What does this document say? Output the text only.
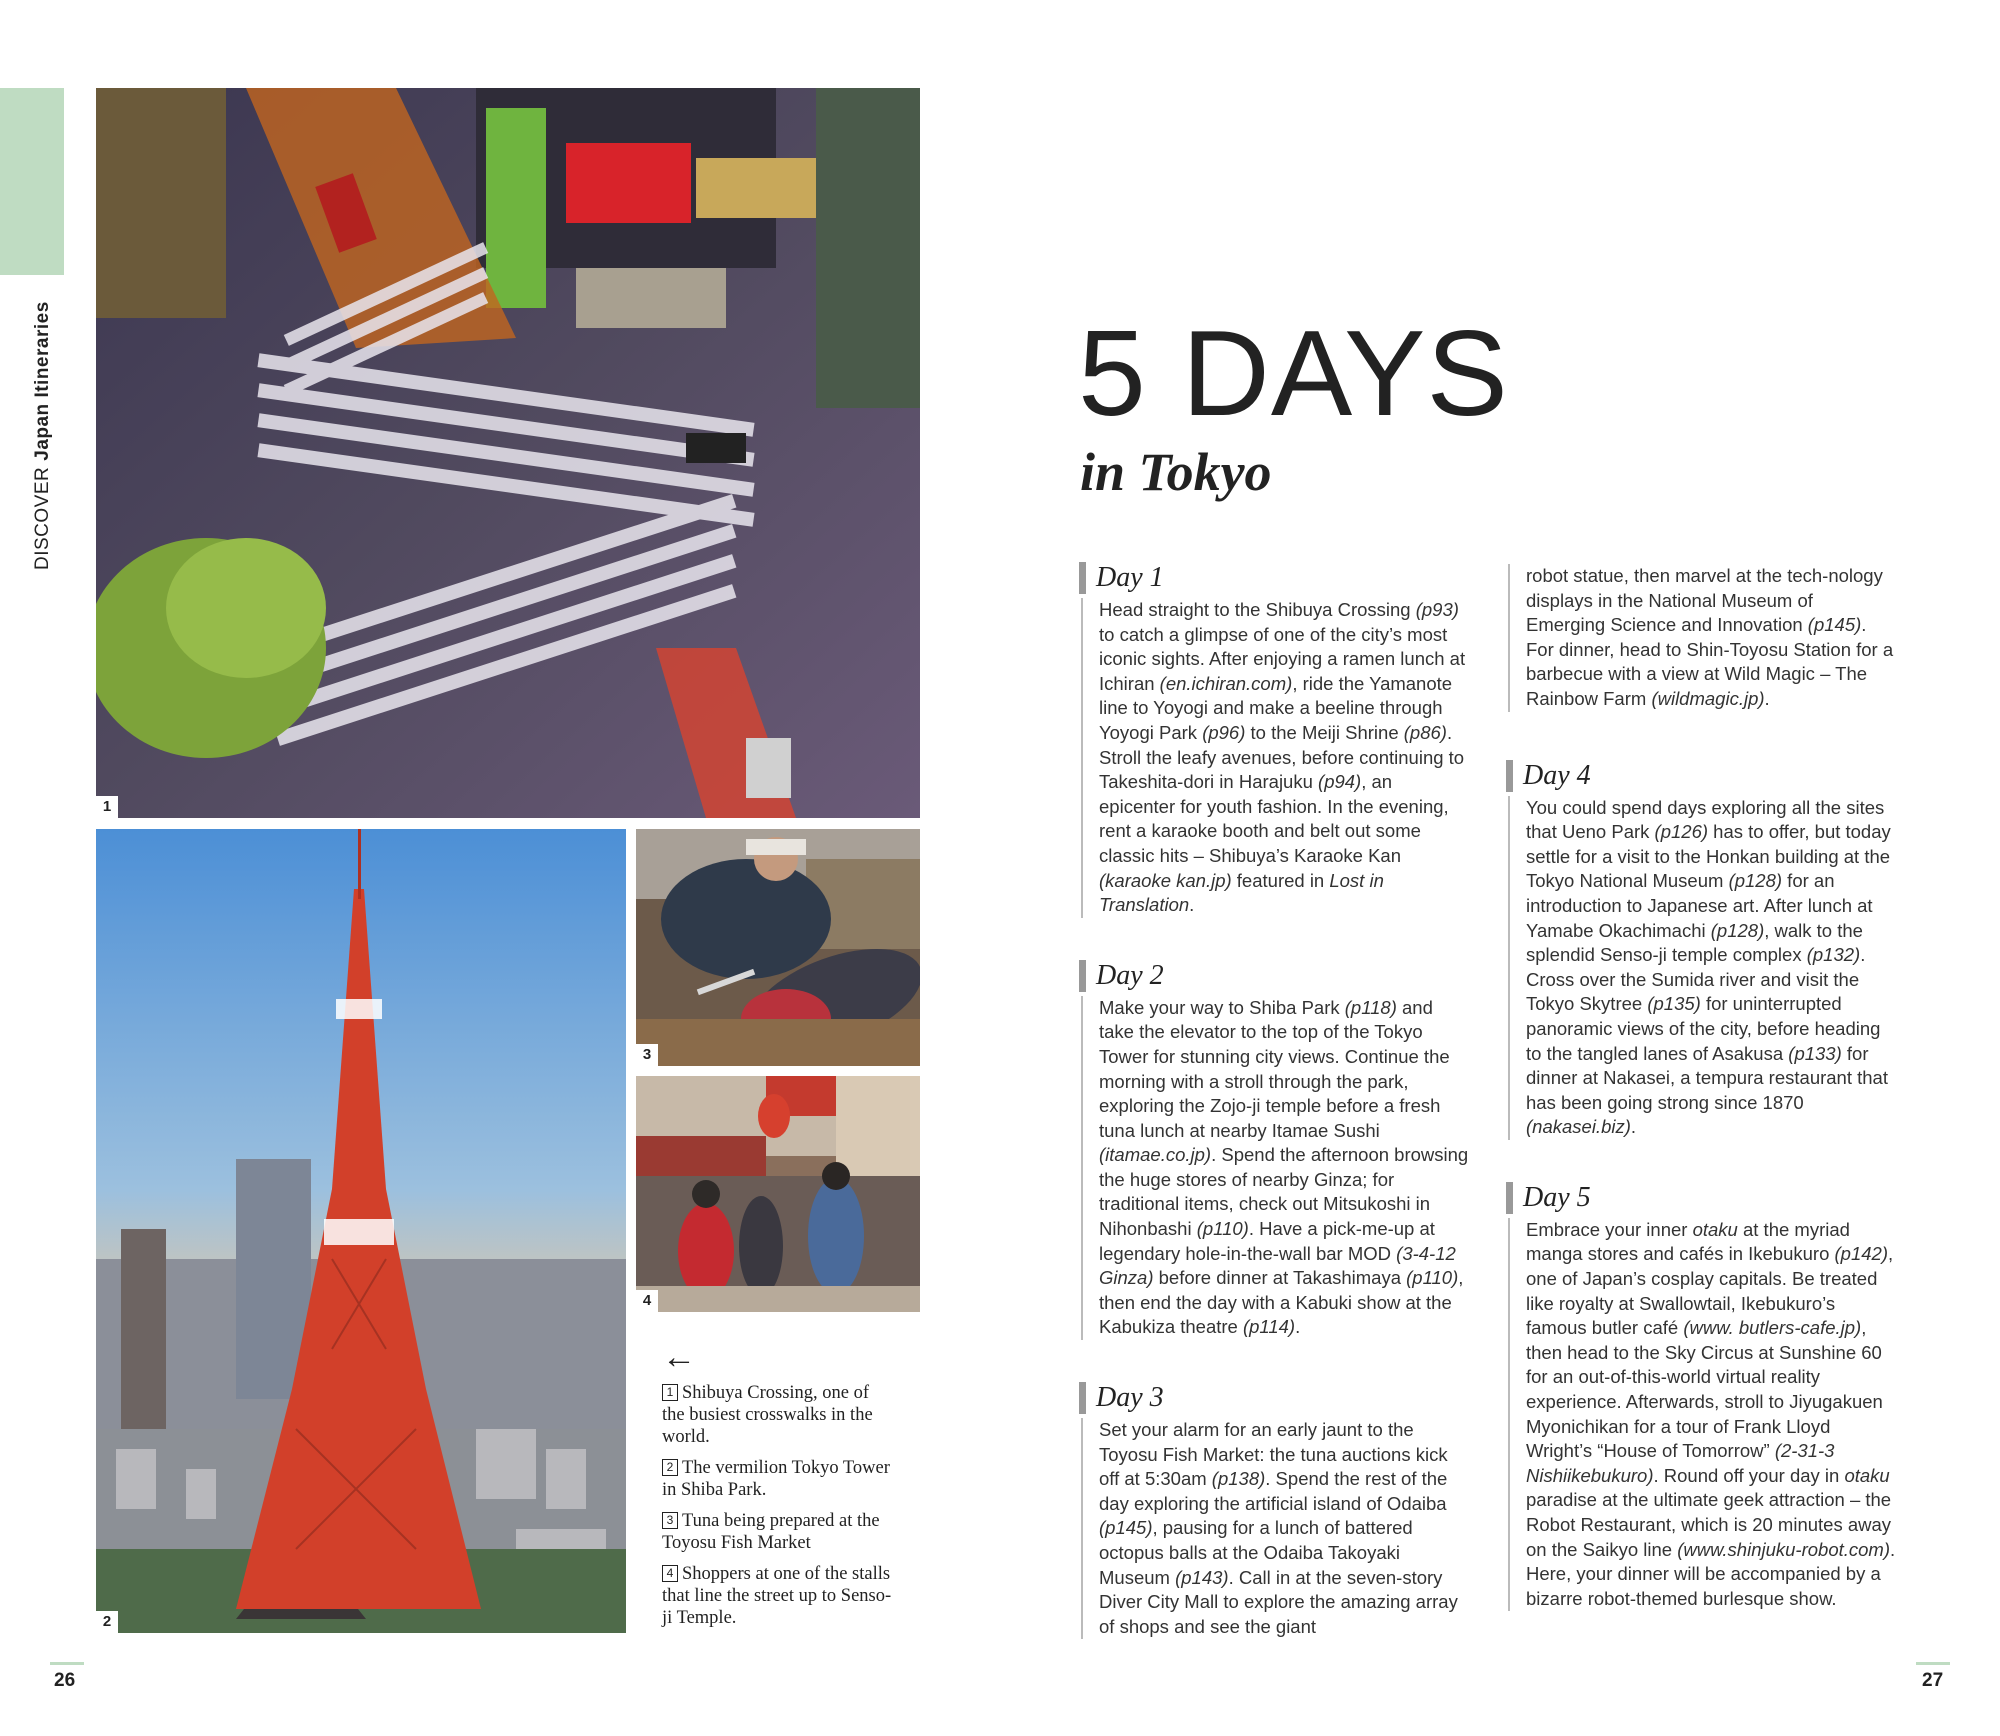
DISCOVERJapan Itineraries
1
2
3
4
←
1 Shibuya Crossing, one of the busiest crosswalks in the world.
2 The vermilion Tokyo Tower in Shiba Park.
3 Tuna being prepared at the Toyosu Fish Market
4 Shoppers at one of the stalls that line the street up to Senso-ji Temple.
5 DAYS
in Tokyo
Day 1

Head straight to the Shibuya Crossing (p93) to catch a glimpse of one of the city’s most iconic sights. After enjoying a ramen lunch at Ichiran (en.ichiran.com), ride the Yamanote line to Yoyogi and make a beeline through Yoyogi Park (p96) to the Meiji Shrine (p86). Stroll the leafy avenues, before continuing to Takeshita-dori in Harajuku (p94), an epicenter for youth fashion. In the evening, rent a karaoke booth and belt out some classic hits – Shibuya’s Karaoke Kan (karaoke kan.jp) featured in Lost in Translation.

Day 2

Make your way to Shiba Park (p118) and take the elevator to the top of the Tokyo Tower for stunning city views. Continue the morning with a stroll through the park, exploring the Zojo-ji temple before a fresh tuna lunch at nearby Itamae Sushi (itamae.co.jp). Spend the afternoon browsing the huge stores of nearby Ginza; for traditional items, check out Mitsukoshi in Nihonbashi (p110). Have a pick-me-up at legendary hole-in-the-wall bar MOD (3-4-12 Ginza) before dinner at Takashimaya (p110), then end the day with a Kabuki show at the Kabukiza theatre (p114).

Day 3

Set your alarm for an early jaunt to the Toyosu Fish Market: the tuna auctions kick off at 5:30am (p138). Spend the rest of the day exploring the artificial island of Odaiba (p145), pausing for a lunch of battered octopus balls at the Odaiba Takoyaki Museum (p143). Call in at the seven-story Diver City Mall to explore the amazing array of shops and see the giant

robot statue, then marvel at the tech-nology displays in the National Museum of Emerging Science and Innovation (p145). For dinner, head to Shin-Toyosu Station for a barbecue with a view at Wild Magic – The Rainbow Farm (wildmagic.jp).

Day 4

You could spend days exploring all the sites that Ueno Park (p126) has to offer, but today settle for a visit to the Honkan building at the Tokyo National Museum (p128) for an introduction to Japanese art. After lunch at Yamabe Okachimachi (p128), walk to the splendid Senso-ji temple complex (p132). Cross over the Sumida river and visit the Tokyo Skytree (p135) for uninterrupted panoramic views of the city, before heading to the tangled lanes of Asakusa (p133) for dinner at Nakasei, a tempura restaurant that has been going strong since 1870 (nakasei.biz).

Day 5

Embrace your inner otaku at the myriad manga stores and cafés in Ikebukuro (p142), one of Japan’s cosplay capitals. Be treated like royalty at Swallowtail, Ikebukuro’s famous butler café (www. butlers-cafe.jp), then head to the Sky Circus at Sunshine 60 for an out-of-this-world virtual reality experience. Afterwards, stroll to Jiyugakuen Myonichikan for a tour of Frank Lloyd Wright’s “House of Tomorrow” (2-31-3 Nishiikebukuro). Round off your day in otaku paradise at the ultimate geek attraction – the Robot Restaurant, which is 20 minutes away on the Saikyo line (www.shinjuku-robot.com). Here, your dinner will be accompanied by a bizarre robot-themed burlesque show.

26	27
